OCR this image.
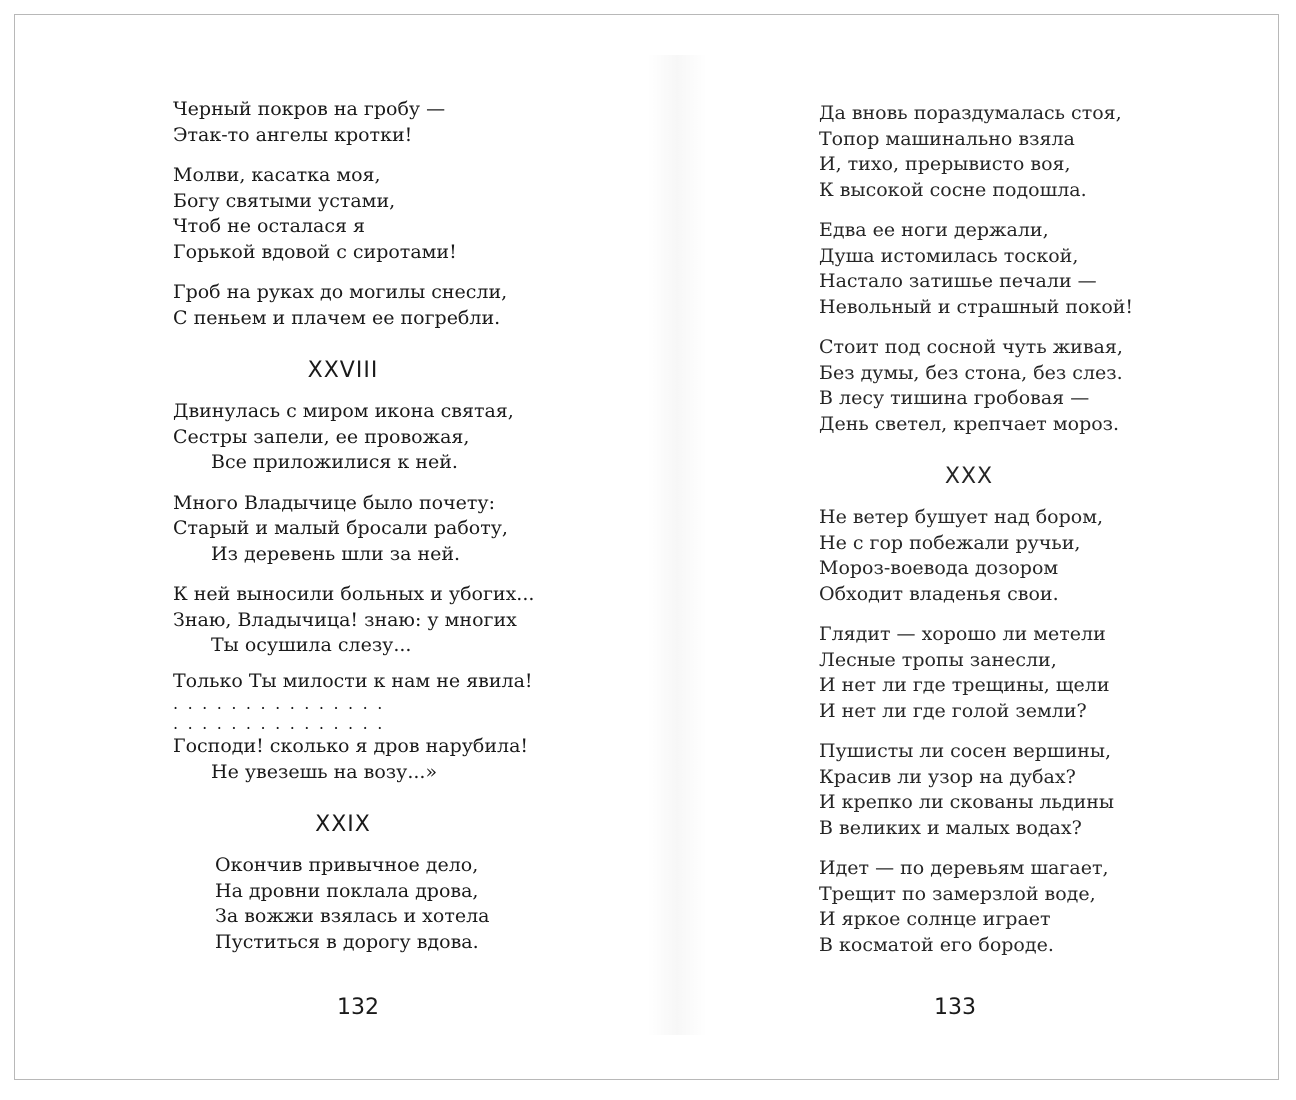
Черный покров на гробу —
Этак-то ангелы кротки!
Молви, касатка моя,
Богу святыми устами,
Чтоб не осталася я
Горькой вдовой с сиротами!
Гроб на руках до могилы снесли,
С пеньем и плачем ее погребли.
XXVIII
Двинулась с миром икона святая,
Сестры запели, ее провожая,
Все приложилися к ней.
Много Владычице было почету:
Старый и малый бросали работу,
Из деревень шли за ней.
К ней выносили больных и убогих...
Знаю, Владычица! знаю: у многих
Ты осушила слезу...
Только Ты милости к нам не явила!
...............
...............
Господи! сколько я дров нарубила!
Не увезешь на возу...»
XXIX
Окончив привычное дело,
На дровни поклала дрова,
За вожжи взялась и хотела
Пуститься в дорогу вдова.
132
Да вновь пораздумалась стоя,
Топор машинально взяла
И, тихо, прерывисто воя,
К высокой сосне подошла.
Едва ее ноги держали,
Душа истомилась тоской,
Настало затишье печали —
Невольный и страшный покой!
Стоит под сосной чуть живая,
Без думы, без стона, без слез.
В лесу тишина гробовая —
День светел, крепчает мороз.
XXX
Не ветер бушует над бором,
Не с гор побежали ручьи,
Мороз-воевода дозором
Обходит владенья свои.
Глядит — хорошо ли метели
Лесные тропы занесли,
И нет ли где трещины, щели
И нет ли где голой земли?
Пушисты ли сосен вершины,
Красив ли узор на дубах?
И крепко ли скованы льдины
В великих и малых водах?
Идет — по деревьям шагает,
Трещит по замерзлой воде,
И яркое солнце играет
В косматой его бороде.
133
